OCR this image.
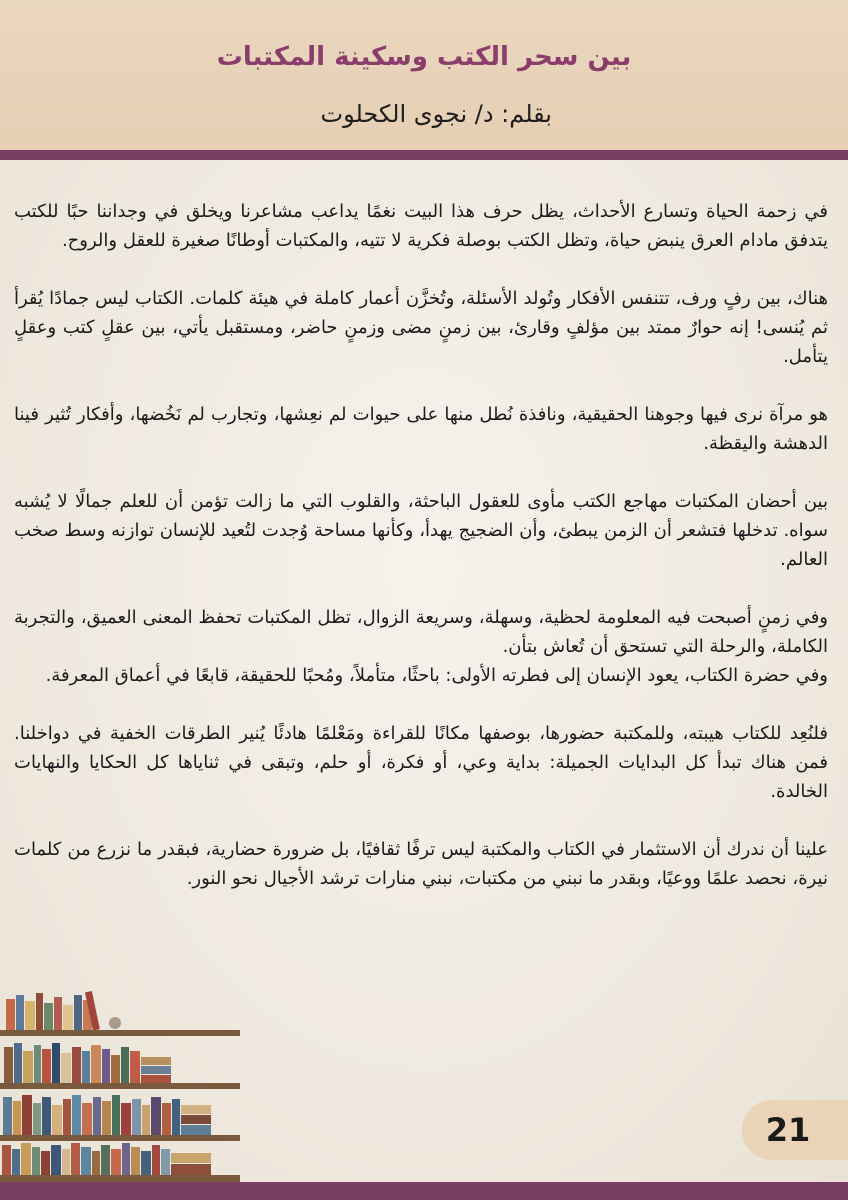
بين سحر الكتب وسكينة المكتبات
بقلم: د/ نجوى الكحلوت

في زحمة الحياة وتسارع الأحداث، يظل حرف هذا البيت نغمًا يداعب مشاعرنا ويخلق في وجداننا حبًا للكتب يتدفق مادام العرق ينبض حياة، وتظل الكتب بوصلة فكرية لا تتيه، والمكتبات أوطانًا صغيرة للعقل والروح.

هناك، بين رفٍ ورف، تتنفس الأفكار وتُولد الأسئلة، وتُخزَّن أعمار كاملة في هيئة كلمات. الكتاب ليس جمادًا يُقرأ ثم يُنسى! إنه حوارٌ ممتد بين مؤلفٍ وقارئ، بين زمنٍ مضى وزمنٍ حاضر، ومستقبل يأتي، بين عقلٍ كتب وعقلٍ يتأمل.

هو مرآة نرى فيها وجوهنا الحقيقية، ونافذة نُطل منها على حيوات لم نعِشها، وتجارب لم نَخُضها، وأفكار تُثير فينا الدهشة واليقظة.

بين أحضان المكتبات مهاجع الكتب مأوى للعقول الباحثة، والقلوب التي ما زالت تؤمن أن للعلم جمالًا لا يُشبه سواه. تدخلها فتشعر أن الزمن يبطئ، وأن الضجيج يهدأ، وكأنها مساحة وُجدت لتُعيد للإنسان توازنه وسط صخب العالم.

وفي زمنٍ أصبحت فيه المعلومة لحظية، وسهلة، وسريعة الزوال، تظل المكتبات تحفظ المعنى العميق، والتجربة الكاملة، والرحلة التي تستحق أن تُعاش بتأن.

وفي حضرة الكتاب، يعود الإنسان إلى فطرته الأولى: باحثًا، متأملاً، ومُحبًا للحقيقة، قابعًا في أعماق المعرفة.

فلنُعِد للكتاب هيبته، وللمكتبة حضورها، بوصفها مكانًا للقراءة ومَعْلمًا هادئًا يُنير الطرقات الخفية في دواخلنا. فمن هناك تبدأ كل البدايات الجميلة: بداية وعي، أو فكرة، أو حلم، وتبقى في ثناياها كل الحكايا والنهايات الخالدة.

علينا أن ندرك أن الاستثمار في الكتاب والمكتبة ليس ترفًا ثقافيًا، بل ضرورة حضارية، فبقدر ما نزرع من كلمات نيرة، نحصد علمًا ووعيًا، وبقدر ما نبني من مكتبات، نبني منارات ترشد الأجيال نحو النور.

21
